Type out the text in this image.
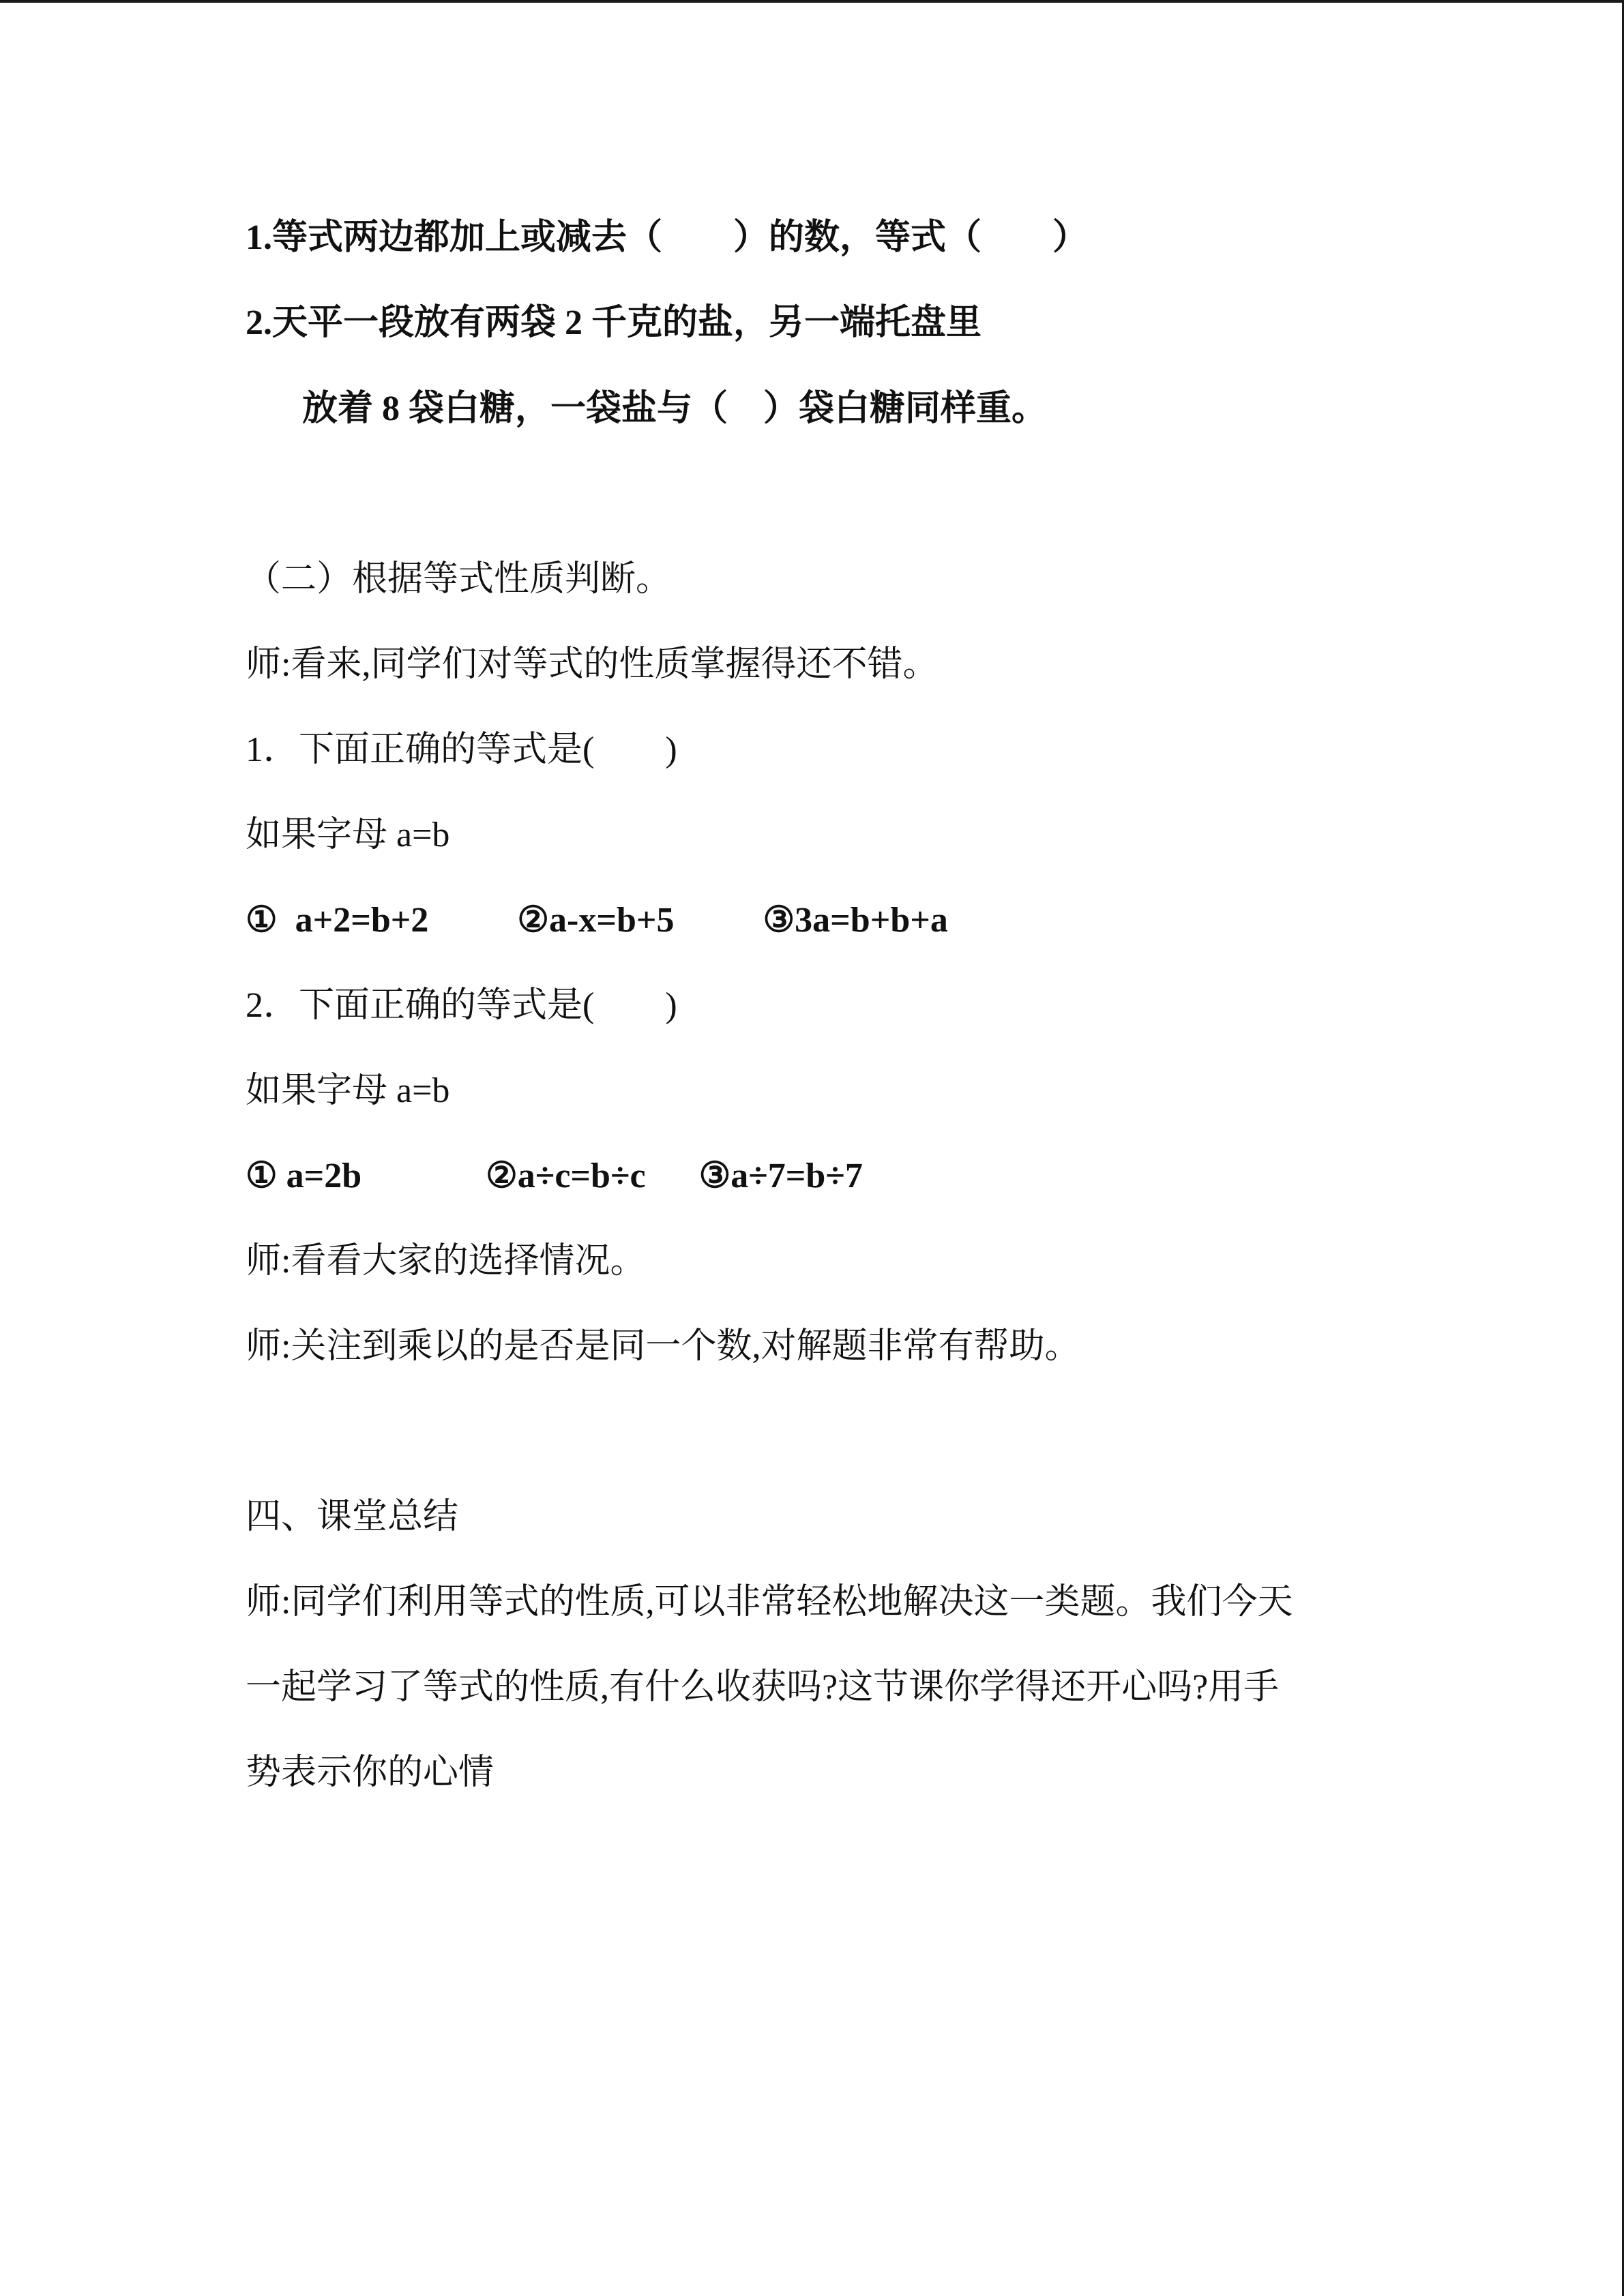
1.等式两边都加上或减去（　　）的数，等式（　　）
2.天平一段放有两袋 2 千克的盐，另一端托盘里
放着 8 袋白糖，一袋盐与（　）袋白糖同样重。
（二）根据等式性质判断。
师:看来,同学们对等式的性质掌握得还不错。
1．下面正确的等式是(　　)
如果字母 a=b
①  a+2=b+2          ②a-x=b+5          ③3a=b+b+a
2．下面正确的等式是(　　)
如果字母 a=b
① a=2b              ②a÷c=b÷c      ③a÷7=b÷7
师:看看大家的选择情况。
师:关注到乘以的是否是同一个数,对解题非常有帮助。
四、课堂总结
师:同学们利用等式的性质,可以非常轻松地解决这一类题。我们今天
一起学习了等式的性质,有什么收获吗?这节课你学得还开心吗?用手
势表示你的心情
